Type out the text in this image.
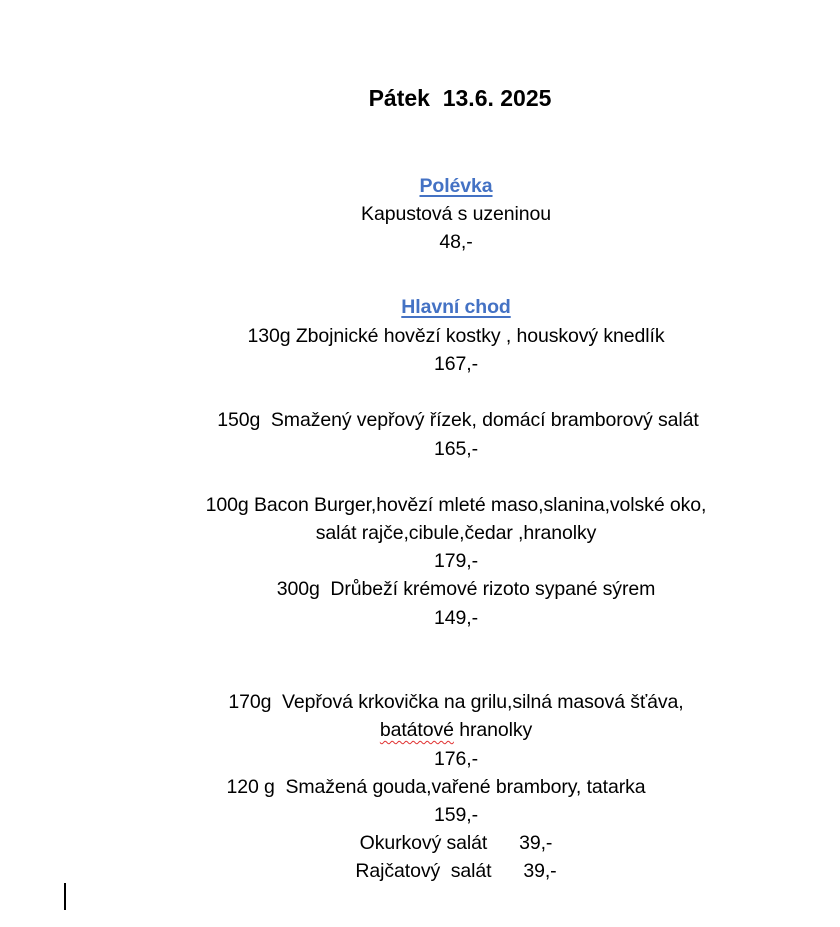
Pátek  13.6. 2025
Polévka
Kapustová s uzeninou
48,-
Hlavní chod
130g Zbojnické hovězí kostky , houskový knedlík
167,-
150g  Smažený vepřový řízek, domácí bramborový salát
165,-
100g Bacon Burger,hovězí mleté maso,slanina,volské oko,
salát rajče,cibule,čedar ,hranolky
179,-
300g  Drůbeží krémové rizoto sypané sýrem
149,-
170g  Vepřová krkovička na grilu,silná masová šťáva,
batátové hranolky
176,-
120 g  Smažená gouda,vařené brambory, tatarka
159,-
Okurkový salát      39,-
Rajčatový  salát      39,-
